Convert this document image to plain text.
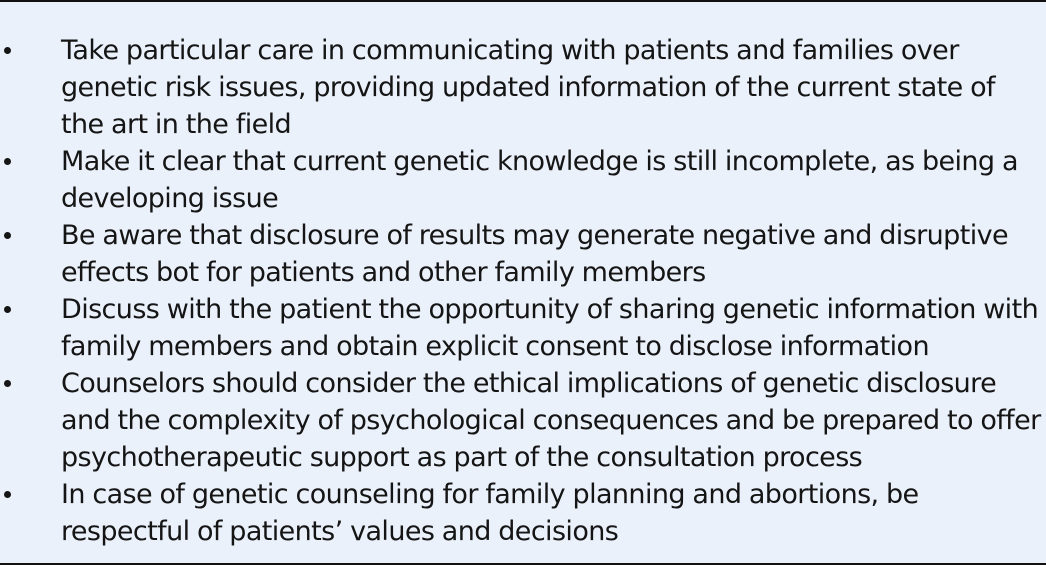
Take particular care in communicating with patients and families over genetic risk issues, providing updated information of the current state of the art in the field
Make it clear that current genetic knowledge is still incomplete, as being a developing issue
Be aware that disclosure of results may generate negative and disruptive effects bot for patients and other family members
Discuss with the patient the opportunity of sharing genetic information with family members and obtain explicit consent to disclose information
Counselors should consider the ethical implications of genetic disclosure and the complexity of psychological consequences and be prepared to offer psychotherapeutic support as part of the consultation process
In case of genetic counseling for family planning and abortions, be respectful of patients’ values and decisions
